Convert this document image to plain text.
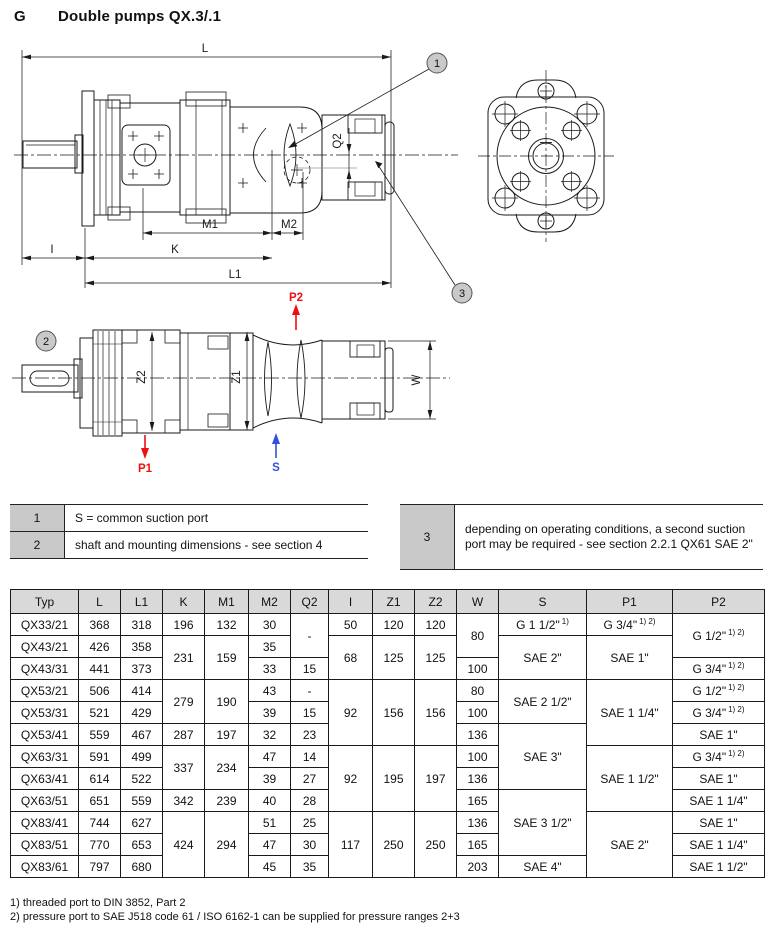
G Double pumps QX.3/.1
L
Q2
M1	M2
I	K
L1
1
3
Z2	Z1	W
P2
P1	S
2
1	S = common suction port
2	shaft and mounting dimensions - see section 4
3
depending on operating conditions, a second suction port may be required - see section 2.2.1 QX61 SAE 2"
Typ	L	L1	K	M1	M2	Q2	I	Z1	Z2	W	S	P1	P2
QX33/21	368	318	196	132	30	-	50	120	120	80	G 1 1/2" $^{1)}$	G 3/4" $^{1) 2)}$	G 1/2" $^{1) 2)}$
QX43/21	426	358	231	159	35		68	125	125		SAE 2"	SAE 1"	
QX43/31	441	373			33	15				100			G 3/4" $^{1) 2)}$
QX53/21	506	414	279	190	43	-	92	156	156	80	SAE 2 1/2"	SAE 1 1/4"	G 1/2" $^{1) 2)}$
QX53/31	521	429			39	15				100			G 3/4" $^{1) 2)}$
QX53/41	559	467	287	197	32	23				136	SAE 3"		SAE 1"
QX63/31	591	499	337	234	47	14	92	195	197	100		SAE 1 1/2"	G 3/4" $^{1) 2)}$
QX63/41	614	522			39	27				136			SAE 1"
QX63/51	651	559	342	239	40	28				165	SAE 3 1/2"		SAE 1 1/4"
QX83/41	744	627	424	294	51	25	117	250	250	136		SAE 2"	SAE 1"
QX83/51	770	653			47	30				165			SAE 1 1/4"
QX83/61	797	680			45	35				203	SAE 4"		SAE 1 1/2"
1) threaded port to DIN 3852, Part 2
2) pressure port to SAE J518 code 61 / ISO 6162-1 can be supplied for pressure ranges 2+3
